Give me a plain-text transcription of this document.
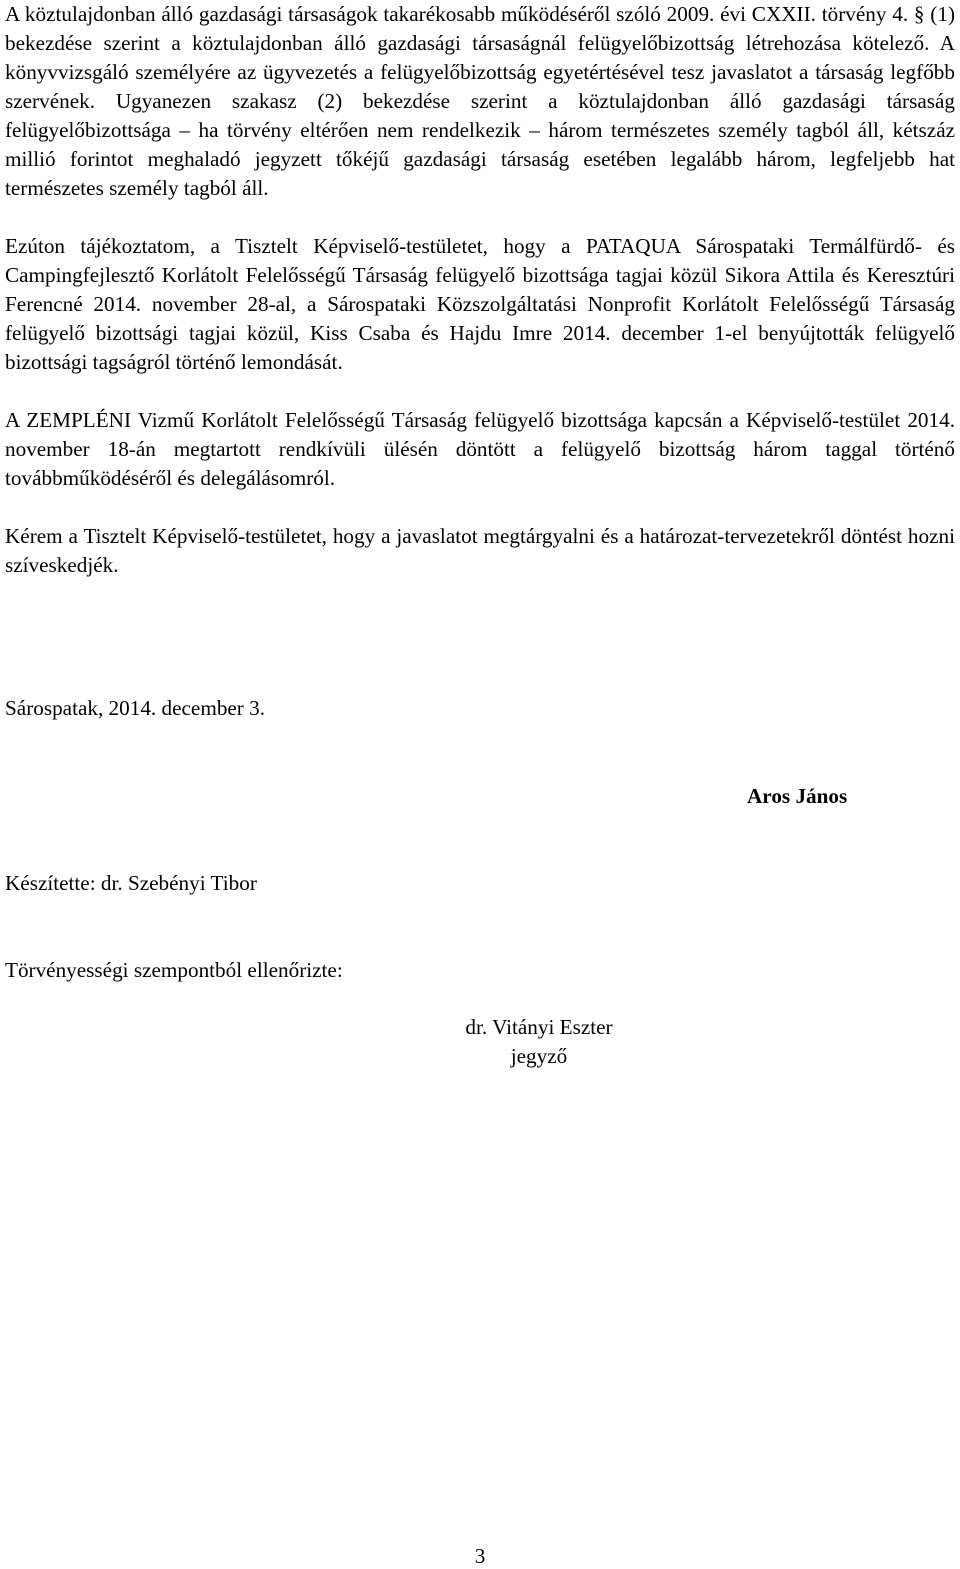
A köztulajdonban álló gazdasági társaságok takarékosabb működéséről szóló 2009. évi CXXII. törvény 4. § (1) bekezdése szerint a köztulajdonban álló gazdasági társaságnál felügyelőbizottság létrehozása kötelező. A könyvvizsgáló személyére az ügyvezetés a felügyelőbizottság egyetértésével tesz javaslatot a társaság legfőbb szervének. Ugyanezen szakasz (2) bekezdése szerint a köztulajdonban álló gazdasági társaság felügyelőbizottsága – ha törvény eltérően nem rendelkezik – három természetes személy tagból áll, kétszáz millió forintot meghaladó jegyzett tőkéjű gazdasági társaság esetében legalább három, legfeljebb hat természetes személy tagból áll.

Ezúton tájékoztatom, a Tisztelt Képviselő-testületet, hogy a PATAQUA Sárospataki Termálfürdő- és Campingfejlesztő Korlátolt Felelősségű Társaság felügyelő bizottsága tagjai közül Sikora Attila és Keresztúri Ferencné 2014. november 28-al, a Sárospataki Közszolgáltatási Nonprofit Korlátolt Felelősségű Társaság felügyelő bizottsági tagjai közül, Kiss Csaba és Hajdu Imre 2014. december 1-el benyújtották felügyelő bizottsági tagságról történő lemondását.

A ZEMPLÉNI Vizmű Korlátolt Felelősségű Társaság felügyelő bizottsága kapcsán a Képviselő-testület 2014. november 18-án megtartott rendkívüli ülésén döntött a felügyelő bizottság három taggal történő továbbműködéséről és delegálásomról.

Kérem a Tisztelt Képviselő-testületet, hogy a javaslatot megtárgyalni és a határozat-tervezetekről döntést hozni szíveskedjék.

Sárospatak, 2014. december 3.

Aros János

Készítette: dr. Szebényi Tibor

Törvényességi szempontból ellenőrizte:

dr. Vitányi Eszter
jegyző

3
